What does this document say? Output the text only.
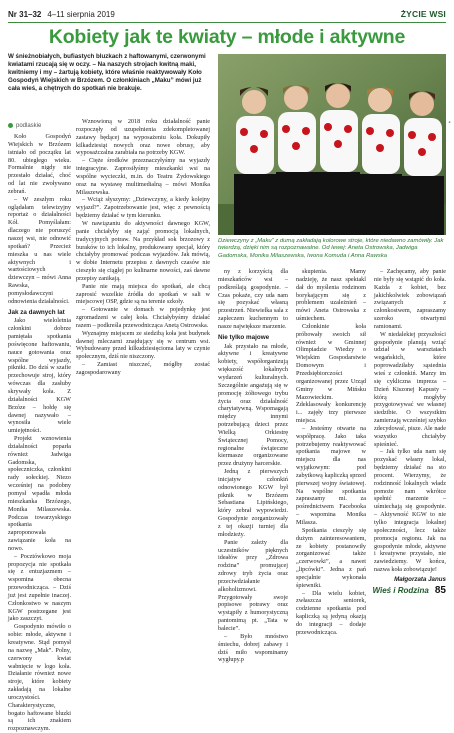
Nr 31–32 4–11 sierpnia 2019	ŻYCIE WSI
Kobiety jak te kwiaty – młode i aktywne
W śnieżnobiałych, bufiastych bluzkach z haftowanymi, czerwonymi kwiatami rzucają się w oczy. – Na naszych strojach kwitną maki, kwitniemy i my – żartują kobiety, które właśnie reaktywowały Koło Gospodyń Wiejskich w Brzózem. O członkiniach „Maku” mówi już cała wieś, a chętnych do spotkań nie brakuje.
podlaskie

Koło Gospodyń Wiejskich w Brzózem istniało od początku lat 80. ubiegłego wieku. Formalnie nigdy nie przestało działać, choć od lat nie zwoływano zebrań.

– W zeszłym roku oglądałam telewizyjny reportaż o działalności Kół. Pomyślałam: dlaczego nie poruszyć naszej wsi, nie odnowić spotkań? Przecież mieszka u nas wiele aktywnych i wartościowych dziewczyn – mówi Anna Rawska, pomysłodawczyni odnowienia działalności.

Jak za dawnych lat

Jako wieloletnia członkini dobrze pamiętała spotkania poświęcone haftowaniu, nauce gotowania oraz wspólne wyjazdy, pikniki. Do dziś w szafie przechowuje stroj, który wówczas dla zasłuby skrywały koła. Z działalności KGW Brzóze – hołdę się dawnej nazywało – wynosiła wiele umiejętności.

Projekt wznowienia działalności poparła również Jadwiga Gadomska, społeczniczka, członkini rady sołeckiej. Niezo wcześniej na podobny pomysł wpadła młoda mieszkanka Brzózego, Monika Milaszewska. Podczas towarzyskiego spotkania zaproponowała zawiązanie koła na nowo.

– Pocztówkowo moja propozycja nie spotkała się z entuzjazmem – wspomina obecna przewodnicząca. – Dziś już jest zupełnie inaczej. Członkostwo w naszym KGW postrzegane jest jako zaszczyt.

Gospodynio mówiło o sobie: młode, aktywne i kreatywne. Stąd pomysł na nazwę „Mak”. Polny, czerwony kwiat wabnięcie w logo koła. Działanie również nowe stroje, które kobiety zakładają na lokalne uroczystości. Charakterystyczne, bogato haftowane bluzki są ich znakiem rozpoznawczym.

Wznowioną w 2018 roku działalność panie rozpoczęły od uzupełnienia zdekompletowanej zastawy będącej na wyposażeniu koła. Dokupiły kilkadziesiąt nowych oraz nowe obrusy, aby wyposażczalna zarabiała na potrzeby KGW.

– Cięże środków przeznaczyłyśmy na wyjazdy integracyjne. Zaprosiłyśmy mieszkanki wsi na wspólne wycieczki, m.in. do Teatru Żydowskiego oraz na wystawę multimedialną – mówi Monika Milaszewska.

– Wciąż słyszymy: „Dziewczyny, a kiedy kolejny wyjazd?”. Zapotrzebowanie jest, więc z pewnością będziemy działać w tym kierunku.

W nawiązaniu do aktywności dawnego KGW, panie chciałyby się zająć promocją lokalnych, tradycyjnych potraw. Na przykład sok brzozowy z buraków to ich lokalny, produkowany specjał, który chciałyby promować podczas wyjazdów. Jak mówią, w dobie Internetu przepisu z dawnych czasów nie cieszyło się ciągłej po kulinarne nowości, zaś dawne przepisy zanikają.

Panie nie mają miejsca do spotkań, ale chcą zaprosić wszelkie źródła do spotkań w sali w miejscowej OSP, gdzie są na terenie szkoły.

– Gotowanie w domach w pojedynkę jest zgromadzeni w całej koła. Chciałybyśmy działać razem – podkreśla przewodnicząca Anetą Ostrowska.

Wyznajmy miejscem ze siedzibą koła jest budynek dawnej mleczarni znajdujący się w centrum wsi. Wybudowany przed kilkudziesięcioma laty w czynie społecznym, dziś nie niszczony.

– Zamiast niszczeć, mógłby zostać zagospodarowany

●
Dziewczyny z „Maku” z dumą zakładają kolorowe stroje, które niedawno zamówiły. Jak twierdzą, dzięki nim są rozpoznawalne. Od lewej: Aneta Ostrowska, Jadwiga Gadomska, Monika Milaszewska, Iwona Komuda i Anna Rawska

ny z korzyścią dla mieszkańców wsi – podkreślają gospodynie. – Czas pokaże, czy uda nam się pozyskać własną przestrzeń. Niewielka sala z zapleczem kuchennym to nasze największe marzenie.

Nie tylko majowe

Jak przystało na młode, aktywne i kreatywne kobiety, współorganizują większość lokalnych wydarzeń kulturalnych. Szczególnie angażują się w promocję żółtowego trybu życia oraz działalność charytatywną. Wspomagają między innymi potrzebującą dzieci przez Wielką Orkiestrę Świątecznej Pomocy, regionalne świąteczne kiermasze organizowane przez drużyny harcerskie.

Jedną z pierwszych inicjatyw członkiń odnowionego KGW był piknik w Brzózem Sebastiana Lipińskiego, który zebrał wypowiedzi. Gospodynie zorganizowały z tej okazji turniej dla młodzieży.

Panie zależy dla uczestników pięknych ideałów przy „Zdrowa rodzina” promującej zdrowy tryb życia oraz przeciwdziałanie alkoholizmowi. Przygotowały swoje popisowe potrawy oraz wystąpiły z humorystyczną pantomimą pt. „Tata w balecie”.

– Było mnóstwo śmiechu, dobrej zabawy i dziś miło wspominamy wygłupy.p

skupienia. Mamy nadzieję, że nasz spektakl dał do myślenia rodzinom borykającym się z problemem uzależnień – mówi Aneta Ostrowska z uśmiechem.

Członkinie koła próbowały swoich sił również w Gminnej Olimpiadzie Wiedzy o Wiejskim Gospodarstwie Domowym i Przedsiębiorczości organizowanej przez Urząd Gminy w Mińsku Mazowieckim. Zdeklasowały konkurencję i... zajęły trzy pierwsze miejsca.

– Jesteśmy otwarte na współpracę. Jako taka potrzebujemy reaktywować spotkania majowe w miejscu dla nas wyjątkowym: pod zabytkową kapliczką sprzed pierwszej wojny światowej. Na wspólne spotkania zapraszamy mi. za pośrednictwem Facebooka – wspomina Monika Milasza.

Spotkania cieszyły się dużym zainteresowaniem, ze kobiety postanowiły zorganizować także „czerwowki”, a nawet „lipcówki”. Jedna z pań specjalnie wykonała śpiewniki.

– Dla wielu kobiet, zwłaszcza seniorek, codzienne spotkania pod kapliczką są jedyną okazją do integracji – dodaje przewodnicząca.

– Zachęcamy, aby panie nie były się wstąpić do koła. Każda z kobiet, bez jakichkolwiek zobowiązań związanych z członkostwem, zapraszamy szeroko otwartymi ramionami.

W niedalekiej przyszłości gospodynie planują wziąć udział w warsztatach wegańskich, które poprowadziłaby sąsiednia wieś z członkiń. Marzy im się cykliczna impreza – Dzień Kiszonej Kapusty – którą mogłyby przygotowywać we własnej siedzibie. O wszystkim zamierzają wcześniej szybko zdecydować, pisze. Ale nade wszystko chciałyby spieśnieć.

– Jak tylko uda nam się pozyskać własny lokal, będziemy działać na sto procent. Wierzymy, że rodzinność lokalnych władz pomoże nam wkrótce spełnić marzenie – uśmiechają się gospodynie. – Aktywność KGW to nie tylko integracja lokalnej społeczności, lecz także promocja regionu. Jak na gospodynie młode, aktywne i kreatywne przystało, nie zawiedziemy. W końcu, nazwa koła zobowiązuje!

Małgorzata Janus
Wieś i Rodzina 85
